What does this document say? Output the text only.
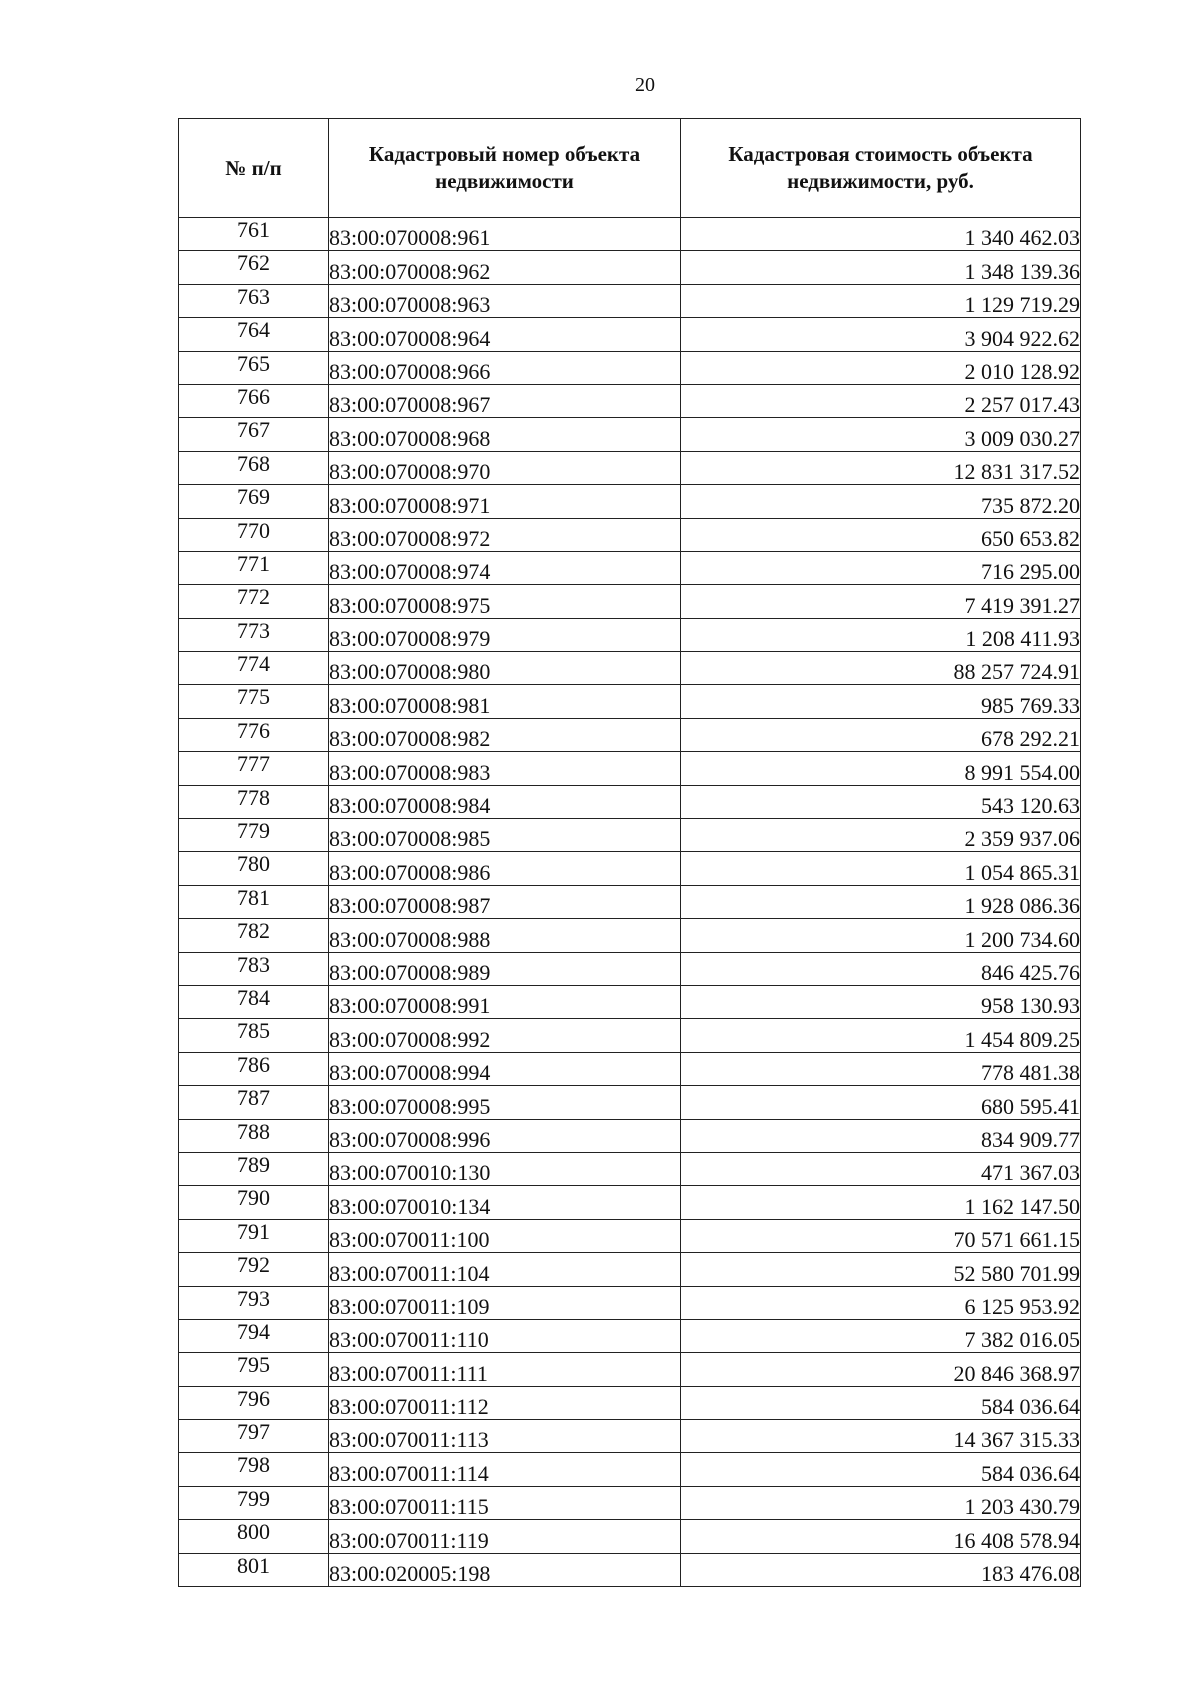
20
№ п/п	Кадастровый номер объекта недвижимости	Кадастровая стоимость объекта недвижимости, руб.
761	83:00:070008:961	1 340 462.03
762	83:00:070008:962	1 348 139.36
763	83:00:070008:963	1 129 719.29
764	83:00:070008:964	3 904 922.62
765	83:00:070008:966	2 010 128.92
766	83:00:070008:967	2 257 017.43
767	83:00:070008:968	3 009 030.27
768	83:00:070008:970	12 831 317.52
769	83:00:070008:971	735 872.20
770	83:00:070008:972	650 653.82
771	83:00:070008:974	716 295.00
772	83:00:070008:975	7 419 391.27
773	83:00:070008:979	1 208 411.93
774	83:00:070008:980	88 257 724.91
775	83:00:070008:981	985 769.33
776	83:00:070008:982	678 292.21
777	83:00:070008:983	8 991 554.00
778	83:00:070008:984	543 120.63
779	83:00:070008:985	2 359 937.06
780	83:00:070008:986	1 054 865.31
781	83:00:070008:987	1 928 086.36
782	83:00:070008:988	1 200 734.60
783	83:00:070008:989	846 425.76
784	83:00:070008:991	958 130.93
785	83:00:070008:992	1 454 809.25
786	83:00:070008:994	778 481.38
787	83:00:070008:995	680 595.41
788	83:00:070008:996	834 909.77
789	83:00:070010:130	471 367.03
790	83:00:070010:134	1 162 147.50
791	83:00:070011:100	70 571 661.15
792	83:00:070011:104	52 580 701.99
793	83:00:070011:109	6 125 953.92
794	83:00:070011:110	7 382 016.05
795	83:00:070011:111	20 846 368.97
796	83:00:070011:112	584 036.64
797	83:00:070011:113	14 367 315.33
798	83:00:070011:114	584 036.64
799	83:00:070011:115	1 203 430.79
800	83:00:070011:119	16 408 578.94
801	83:00:020005:198	183 476.08
